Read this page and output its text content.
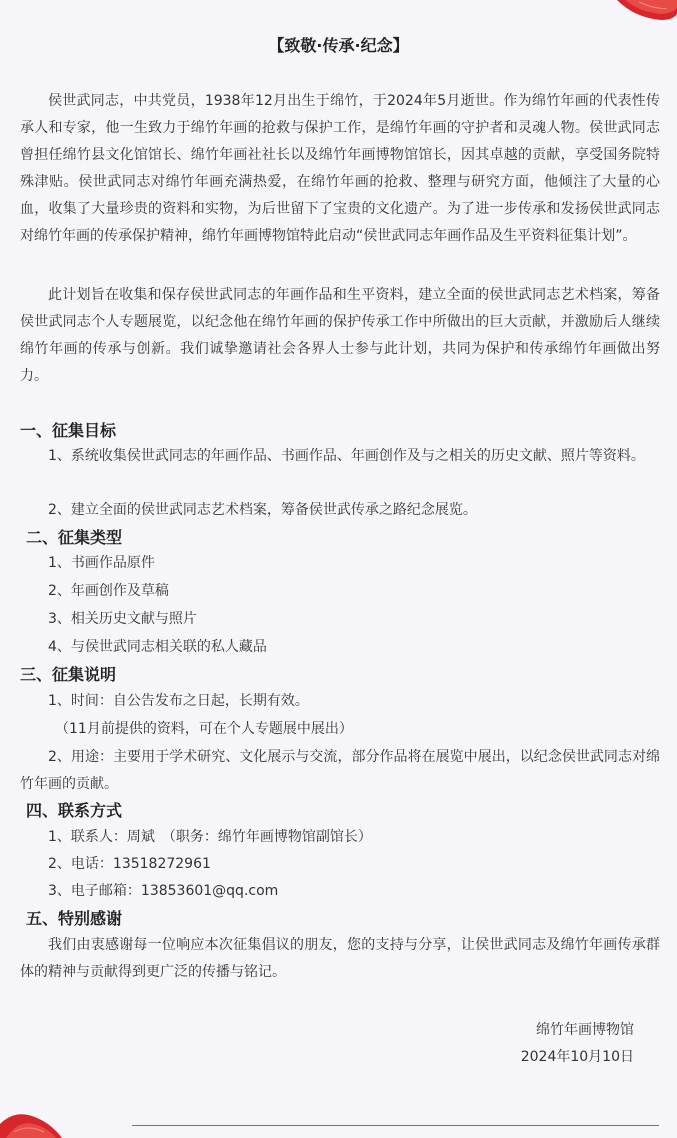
【致敬·传承·纪念】

侯世武同志，中共党员，1938年12月出生于绵竹，于2024年5月逝世。作为绵竹年画的代表性传承人和专家，他一生致力于绵竹年画的抢救与保护工作，是绵竹年画的守护者和灵魂人物。侯世武同志曾担任绵竹县文化馆馆长、绵竹年画社社长以及绵竹年画博物馆馆长，因其卓越的贡献，享受国务院特殊津贴。侯世武同志对绵竹年画充满热爱，在绵竹年画的抢救、整理与研究方面，他倾注了大量的心血，收集了大量珍贵的资料和实物，为后世留下了宝贵的文化遗产。为了进一步传承和发扬侯世武同志对绵竹年画的传承保护精神，绵竹年画博物馆特此启动“侯世武同志年画作品及生平资料征集计划”。

此计划旨在收集和保存侯世武同志的年画作品和生平资料，建立全面的侯世武同志艺术档案，筹备侯世武同志个人专题展览，以纪念他在绵竹年画的保护传承工作中所做出的巨大贡献，并激励后人继续绵竹年画的传承与创新。我们诚挚邀请社会各界人士参与此计划，共同为保护和传承绵竹年画做出努力。

一、征集目标

1、系统收集侯世武同志的年画作品、书画作品、年画创作及与之相关的历史文献、照片等资料。

2、建立全面的侯世武同志艺术档案，筹备侯世武传承之路纪念展览。

二、征集类型

1、书画作品原件

2、年画创作及草稿

3、相关历史文献与照片

4、与侯世武同志相关联的私人藏品

三、征集说明

1、时间：自公告发布之日起，长期有效。

（11月前提供的资料，可在个人专题展中展出）

2、用途：主要用于学术研究、文化展示与交流，部分作品将在展览中展出，以纪念侯世武同志对绵竹年画的贡献。

四、联系方式

1、联系人：周斌　（职务：绵竹年画博物馆副馆长）

2、电话：13518272961

3、电子邮箱：13853601@qq.com

五、特别感谢

我们由衷感谢每一位响应本次征集倡议的朋友，您的支持与分享，让侯世武同志及绵竹年画传承群体的精神与贡献得到更广泛的传播与铭记。

绵竹年画博物馆
2024年10月10日
